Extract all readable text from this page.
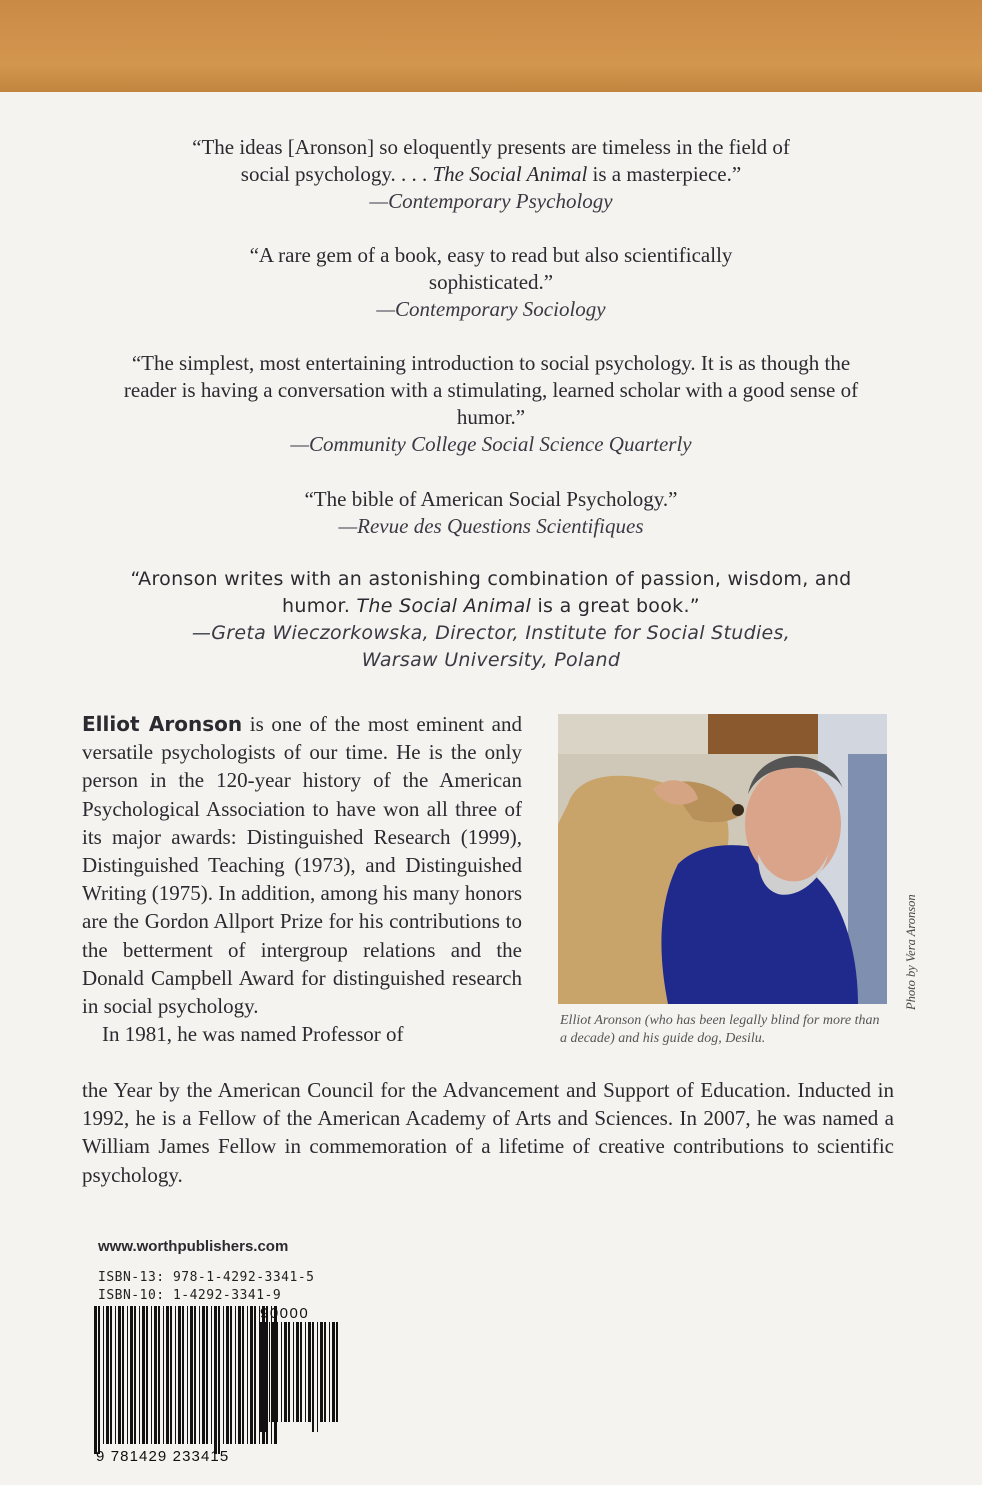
“The ideas [Aronson] so eloquently presents are timeless in the field of

social psychology. . . . The Social Animal is a masterpiece.”

—Contemporary Psychology

“A rare gem of a book, easy to read but also scientifically

sophisticated.”

—Contemporary Sociology

“The simplest, most entertaining introduction to social psychology. It is as though the

reader is having a conversation with a stimulating, learned scholar with a good sense of

humor.”

—Community College Social Science Quarterly

“The bible of American Social Psychology.”

—Revue des Questions Scientifiques

“Aronson writes with an astonishing combination of passion, wisdom, and

humor. The Social Animal is a great book.”

—Greta Wieczorkowska, Director, Institute for Social Studies,

Warsaw University, Poland

Elliot Aronson is one of the most eminent and versatile psychologists of our time. He is the only person in the 120-year history of the American Psychological Association to have won all three of its major awards: Distinguished Research (1999), Distinguished Teaching (1973), and Distinguished Writing (1975). In addition, among his many honors are the Gordon Allport Prize for his contributions to the betterment of intergroup relations and the Donald Campbell Award for distinguished research in social psychology.
In 1981, he was named Professor of
the Year by the American Council for the Advancement and Support of Education. Inducted in 1992, he is a Fellow of the American Academy of Arts and Sciences. In 2007, he was named a William James Fellow in commemoration of a lifetime of creative contributions to scientific psychology.
Photo by Vera Aronson
Elliot Aronson (who has been legally blind for more than a decade) and his guide dog, Desilu.
www.worthpublishers.com
ISBN-13: 978-1-4292-3341-5
ISBN-10: 1-4292-3341-9
9 781429 233415
90000
